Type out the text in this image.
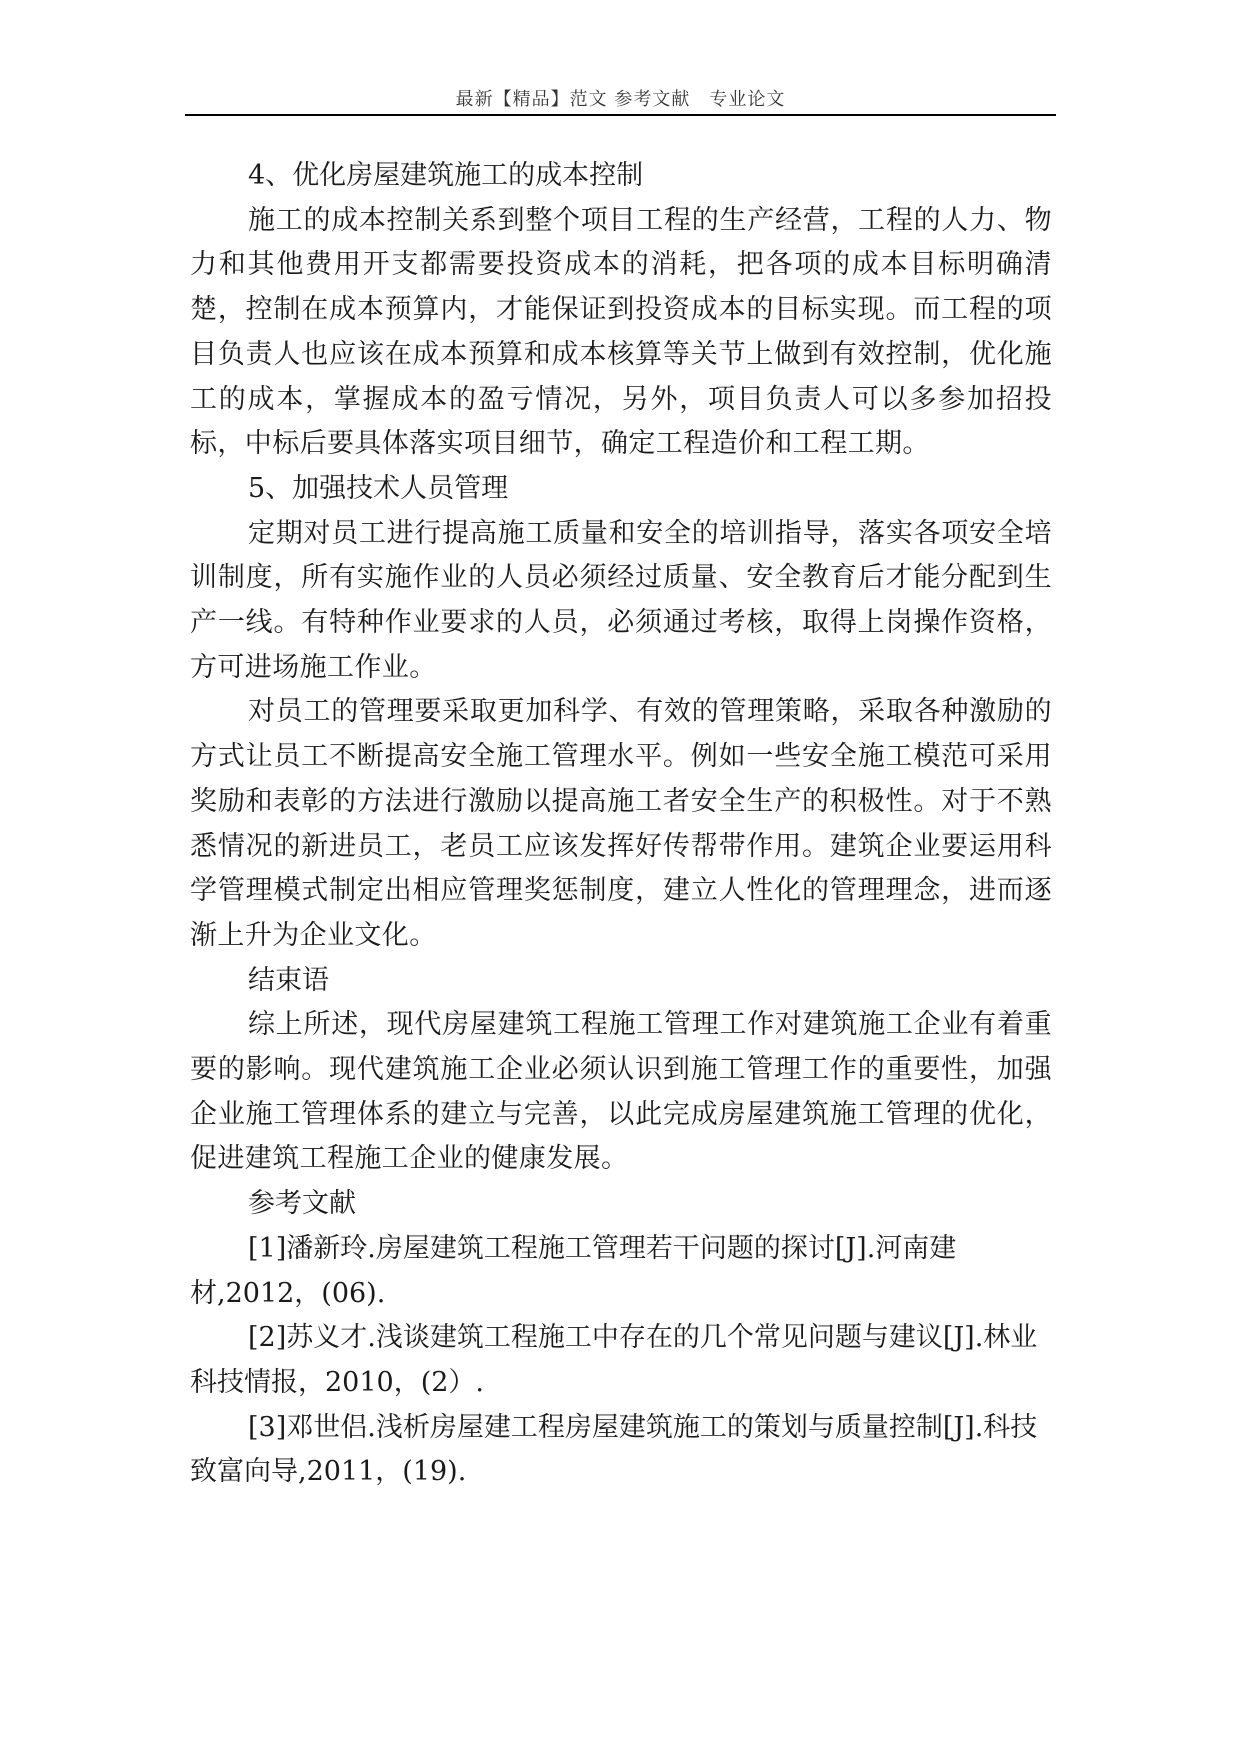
最新【精品】范文 参考文献　专业论文

4、优化房屋建筑施工的成本控制

施工的成本控制关系到整个项目工程的生产经营，工程的人力、物力和其他费用开支都需要投资成本的消耗，把各项的成本目标明确清楚，控制在成本预算内，才能保证到投资成本的目标实现。而工程的项目负责人也应该在成本预算和成本核算等关节上做到有效控制，优化施工的成本，掌握成本的盈亏情况，另外，项目负责人可以多参加招投标，中标后要具体落实项目细节，确定工程造价和工程工期。

5、加强技术人员管理

定期对员工进行提高施工质量和安全的培训指导，落实各项安全培训制度，所有实施作业的人员必须经过质量、安全教育后才能分配到生产一线。有特种作业要求的人员，必须通过考核，取得上岗操作资格，方可进场施工作业。

对员工的管理要采取更加科学、有效的管理策略，采取各种激励的方式让员工不断提高安全施工管理水平。例如一些安全施工模范可采用奖励和表彰的方法进行激励以提高施工者安全生产的积极性。对于不熟悉情况的新进员工，老员工应该发挥好传帮带作用。建筑企业要运用科学管理模式制定出相应管理奖惩制度，建立人性化的管理理念，进而逐渐上升为企业文化。

结束语

综上所述，现代房屋建筑工程施工管理工作对建筑施工企业有着重要的影响。现代建筑施工企业必须认识到施工管理工作的重要性，加强企业施工管理体系的建立与完善，以此完成房屋建筑施工管理的优化，促进建筑工程施工企业的健康发展。

参考文献

[1]潘新玲.房屋建筑工程施工管理若干问题的探讨[J].河南建材,2012，(06).

[2]苏义才.浅谈建筑工程施工中存在的几个常见问题与建议[J].林业科技情报，2010，(2）.

[3]邓世侣.浅析房屋建工程房屋建筑施工的策划与质量控制[J].科技致富向导,2011，(19).
